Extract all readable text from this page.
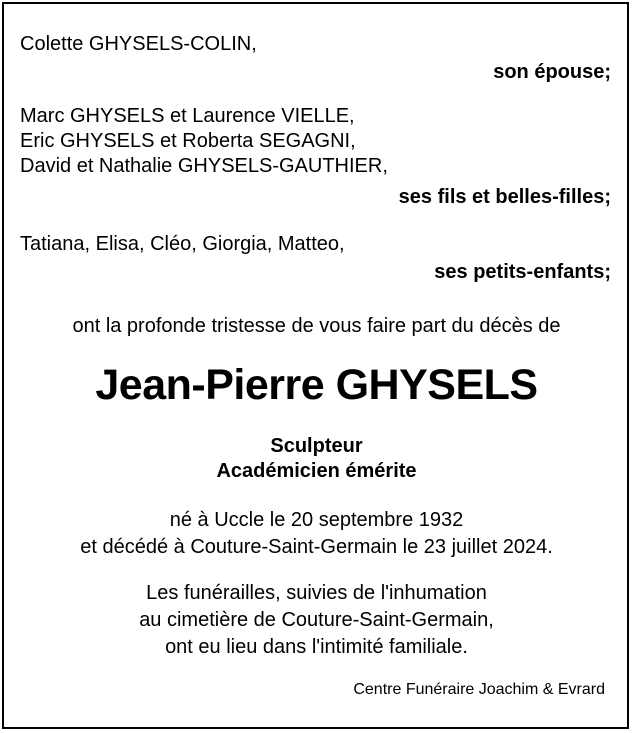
Colette GHYSELS-COLIN,
son épouse;
Marc GHYSELS et Laurence VIELLE,
Eric GHYSELS et Roberta SEGAGNI,
David et Nathalie GHYSELS-GAUTHIER,
ses fils et belles-filles;
Tatiana, Elisa, Cléo, Giorgia, Matteo,
ses petits-enfants;
ont la profonde tristesse de vous faire part du décès de
Jean-Pierre GHYSELS
Sculpteur
Académicien émérite
né à Uccle le 20 septembre 1932
et décédé à Couture-Saint-Germain le 23 juillet 2024.
Les funérailles, suivies de l'inhumation
au cimetière de Couture-Saint-Germain,
ont eu lieu dans l'intimité familiale.
Centre Funéraire Joachim & Evrard
